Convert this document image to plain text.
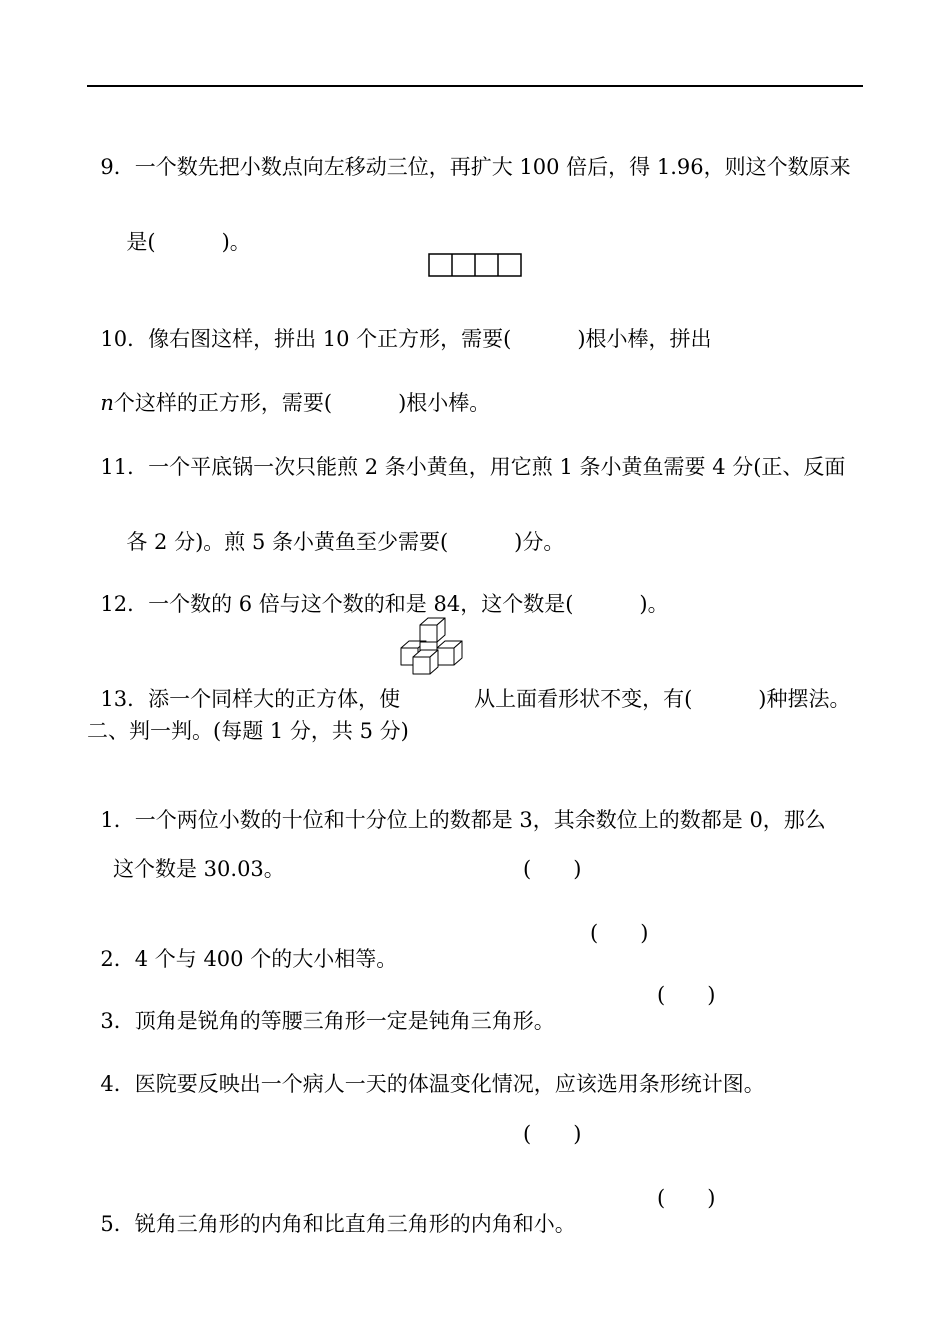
9．一个数先把小数点向左移动三位，再扩大 100 倍后，得 1.96，则这个数原来

是(	)。

10．像右图这样，拼出 10 个正方形，需要(	)根小棒，拼出

n个这样的正方形，需要(	)根小棒。

11．一个平底锅一次只能煎 2 条小黄鱼，用它煎 1 条小黄鱼需要 4 分(正、反面

各 2 分)。煎 5 条小黄鱼至少需要(	)分。

12．一个数的 6 倍与这个数的和是 84，这个数是(	)。

13．添一个同样大的正方体，使	从上面看形状不变，有(	)种摆法。

二、判一判。(每题 1 分，共 5 分)

1．一个两位小数的十位和十分位上的数都是 3，其余数位上的数都是 0，那么

这个数是 30.03。	(　　)

2．4 个与 400 个的大小相等。

(　　)

3．顶角是锐角的等腰三角形一定是钝角三角形。

(　　)

4．医院要反映出一个病人一天的体温变化情况，应该选用条形统计图。

(　　)

5．锐角三角形的内角和比直角三角形的内角和小。

(　　)
